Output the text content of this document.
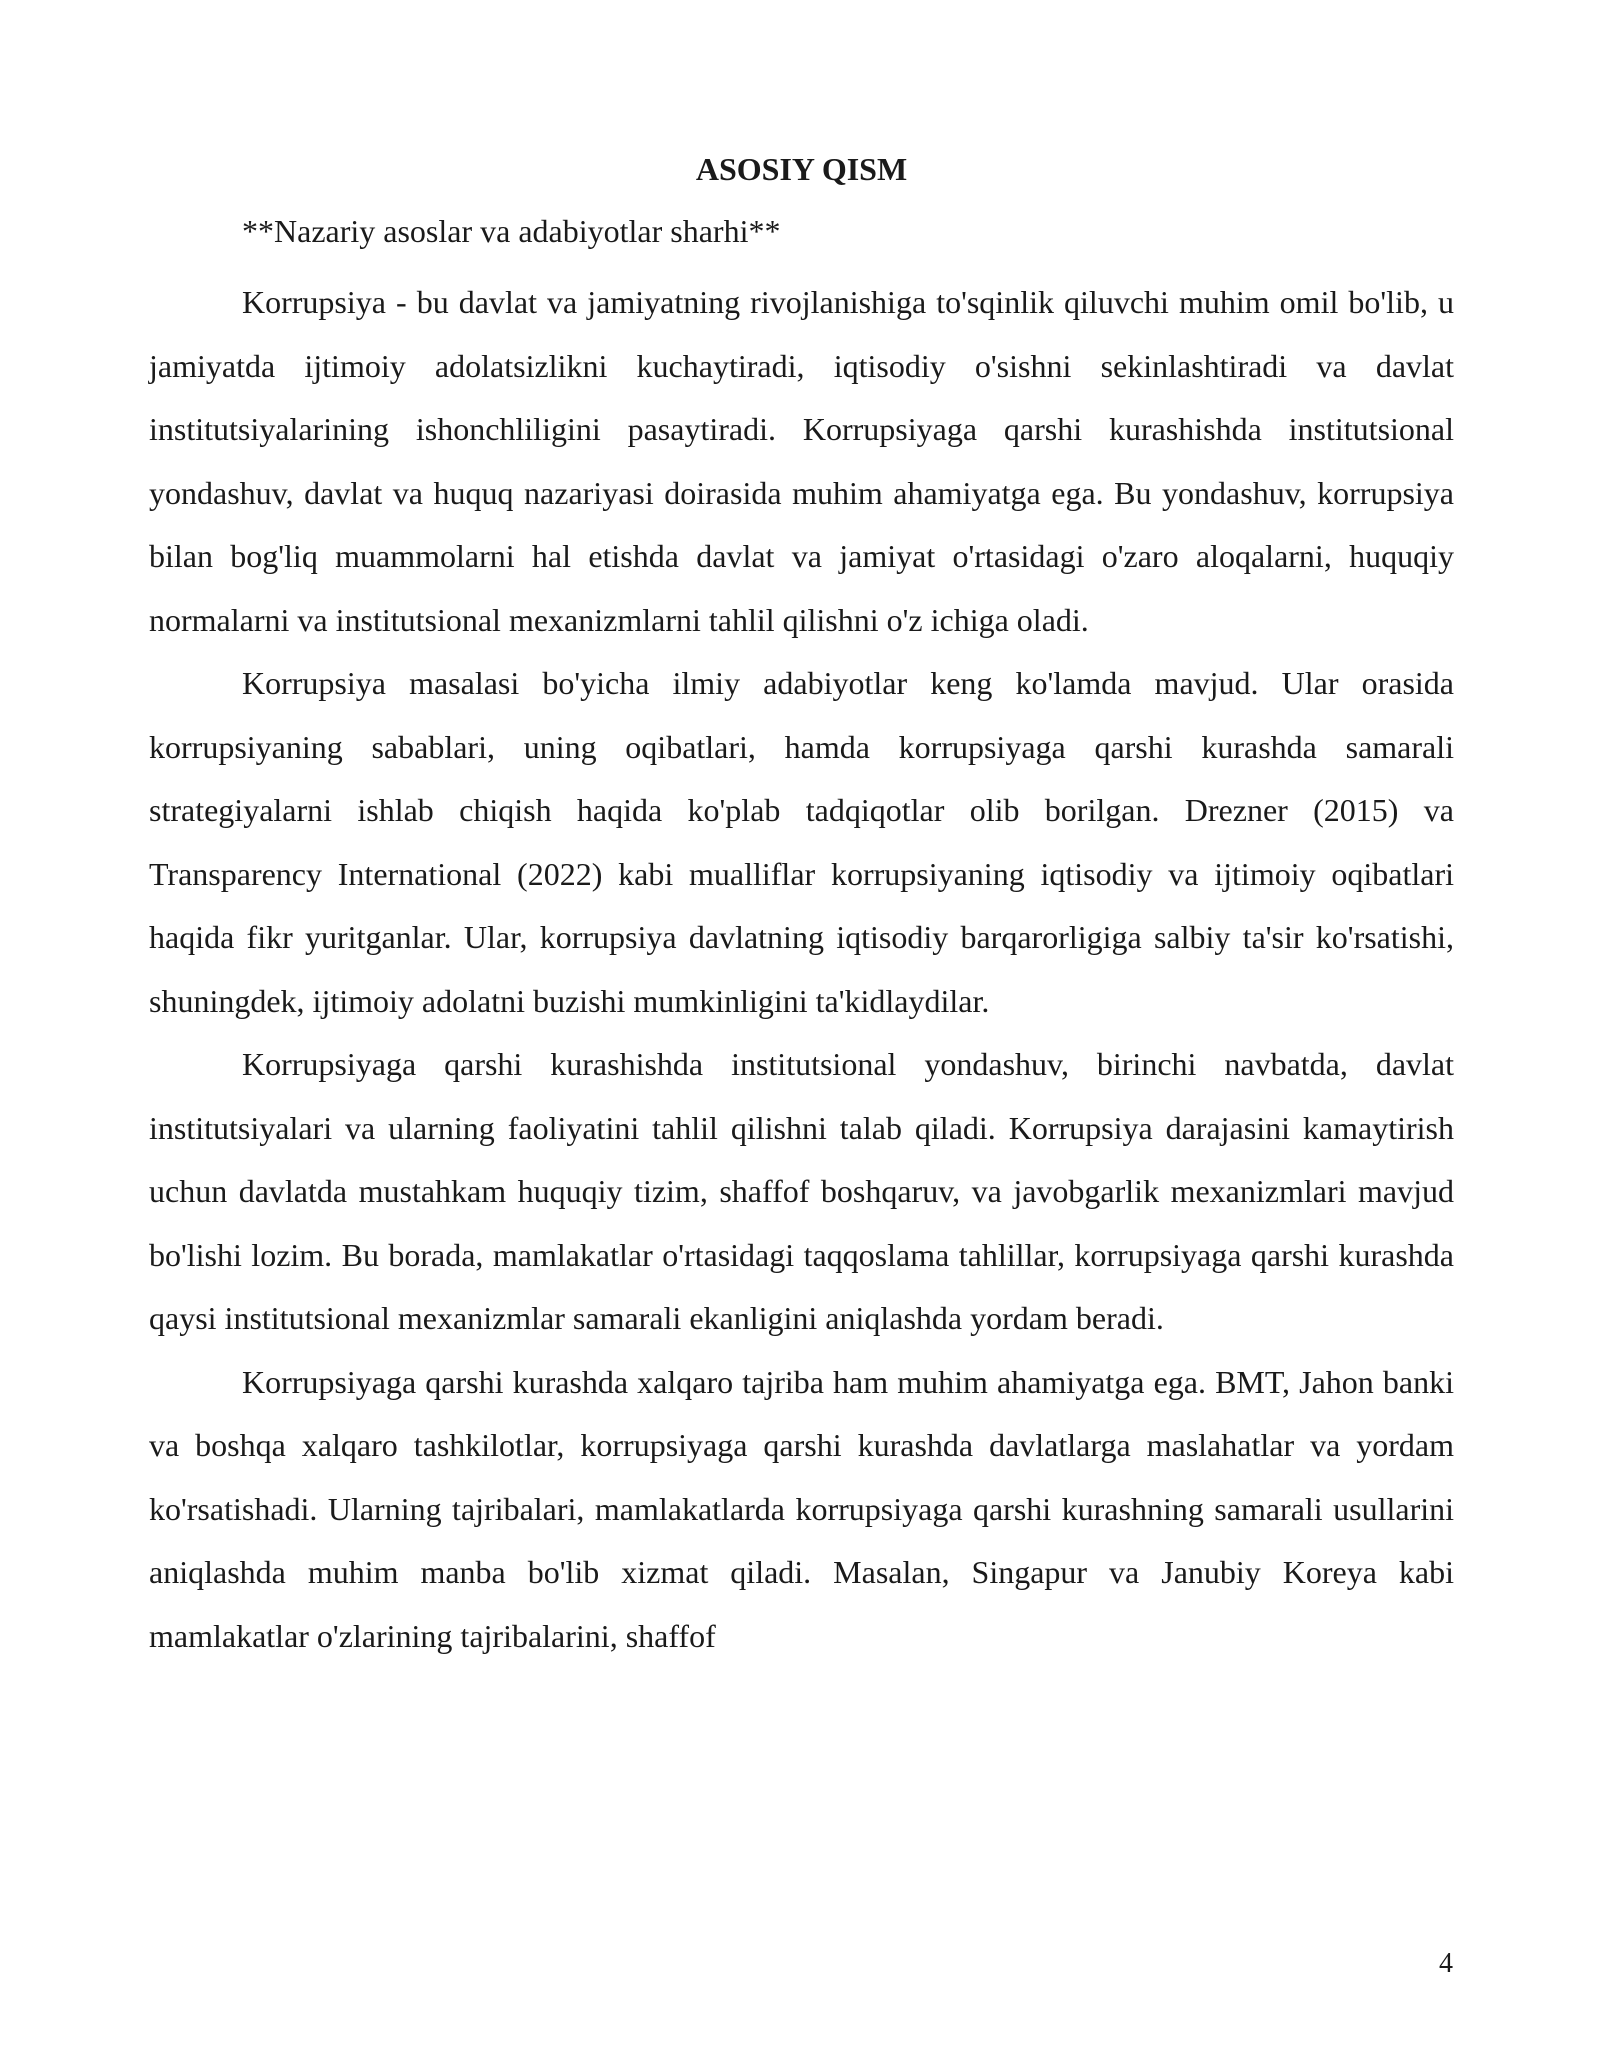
ASOSIY QISM

**Nazariy asoslar va adabiyotlar sharhi**

Korrupsiya - bu davlat va jamiyatning rivojlanishiga to'sqinlik qiluvchi muhim omil bo'lib, u jamiyatda ijtimoiy adolatsizlikni kuchaytiradi, iqtisodiy o'sishni sekinlashtiradi va davlat institutsiyalarining ishonchliligini pasaytiradi. Korrupsiyaga qarshi kurashishda institutsional yondashuv, davlat va huquq nazariyasi doirasida muhim ahamiyatga ega. Bu yondashuv, korrupsiya bilan bog'liq muammolarni hal etishda davlat va jamiyat o'rtasidagi o'zaro aloqalarni, huquqiy normalarni va institutsional mexanizmlarni tahlil qilishni o'z ichiga oladi.

Korrupsiya masalasi bo'yicha ilmiy adabiyotlar keng ko'lamda mavjud. Ular orasida korrupsiyaning sabablari, uning oqibatlari, hamda korrupsiyaga qarshi kurashda samarali strategiyalarni ishlab chiqish haqida ko'plab tadqiqotlar olib borilgan. Drezner (2015) va Transparency International (2022) kabi mualliflar korrupsiyaning iqtisodiy va ijtimoiy oqibatlari haqida fikr yuritganlar. Ular, korrupsiya davlatning iqtisodiy barqarorligiga salbiy ta'sir ko'rsatishi, shuningdek, ijtimoiy adolatni buzishi mumkinligini ta'kidlaydilar.

Korrupsiyaga qarshi kurashishda institutsional yondashuv, birinchi navbatda, davlat institutsiyalari va ularning faoliyatini tahlil qilishni talab qiladi. Korrupsiya darajasini kamaytirish uchun davlatda mustahkam huquqiy tizim, shaffof boshqaruv, va javobgarlik mexanizmlari mavjud bo'lishi lozim. Bu borada, mamlakatlar o'rtasidagi taqqoslama tahlillar, korrupsiyaga qarshi kurashda qaysi institutsional mexanizmlar samarali ekanligini aniqlashda yordam beradi.

Korrupsiyaga qarshi kurashda xalqaro tajriba ham muhim ahamiyatga ega. BMT, Jahon banki va boshqa xalqaro tashkilotlar, korrupsiyaga qarshi kurashda davlatlarga maslahatlar va yordam ko'rsatishadi. Ularning tajribalari, mamlakatlarda korrupsiyaga qarshi kurashning samarali usullarini aniqlashda muhim manba bo'lib xizmat qiladi. Masalan, Singapur va Janubiy Koreya kabi mamlakatlar o'zlarining tajribalarini, shaffof

4
